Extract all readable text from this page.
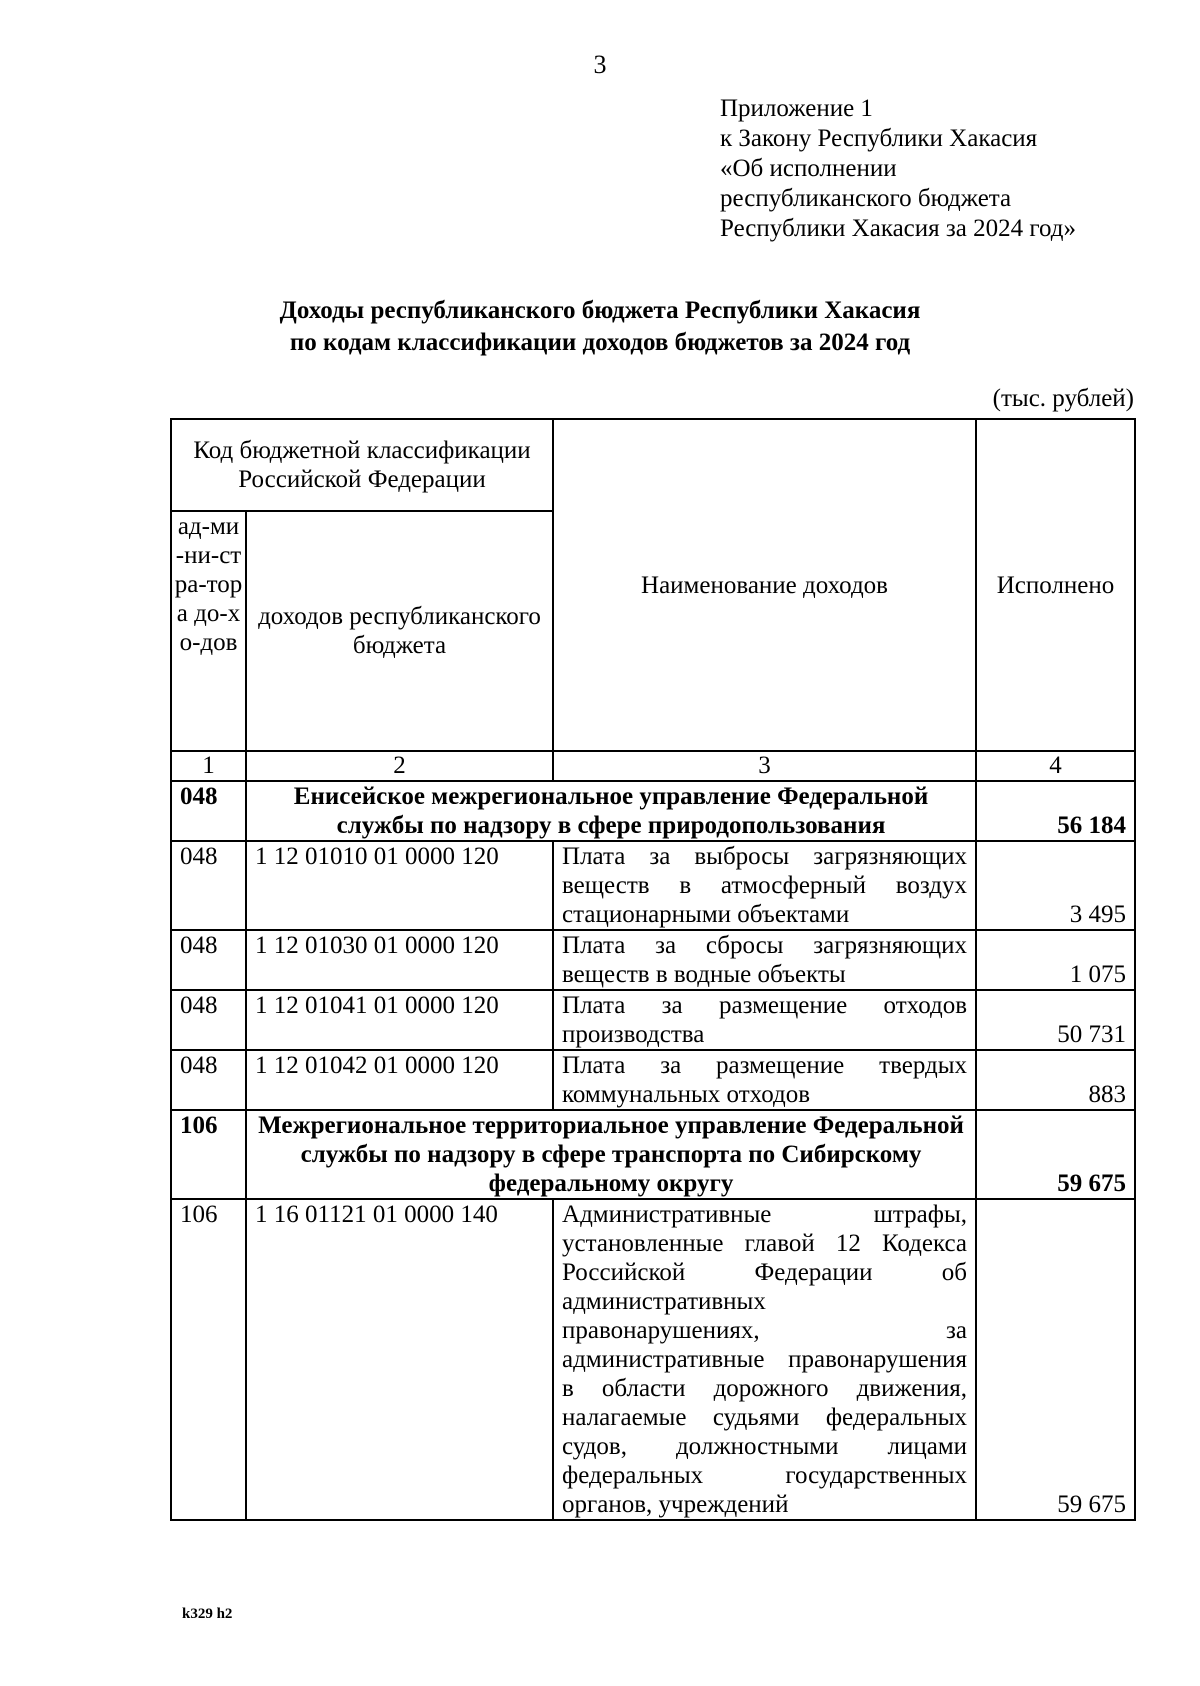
3
Приложение 1
к Закону Республики Хакасия
«Об исполнении
республиканского бюджета
Республики Хакасия за 2024 год»
Доходы республиканского бюджета Республики Хакасия
по кодам классификации доходов бюджетов за 2024 год
(тыс. рублей)
Код бюджетной классификации Российской Федерации		Наименование доходов	Исполнено
ад-ми-ни-стра-тора до-хо-дов	доходов республиканского бюджета		
1	2	3	4
048	Енисейское межрегиональное управление Федеральной службы по надзору в сфере природопользования		56 184
048	1 12 01010 01 0000 120	Плата за выбросы загрязняющих веществ в атмосферный воздух стационарными объектами	3 495
048	1 12 01030 01 0000 120	Плата за сбросы загрязняющих веществ в водные объекты	1 075
048	1 12 01041 01 0000 120	Плата за размещение отходов производства	50 731
048	1 12 01042 01 0000 120	Плата за размещение твердых коммунальных отходов	883
106	Межрегиональное территориальное управление Федеральной службы по надзору в сфере транспорта по Сибирскому федеральному округу		59 675
106	1 16 01121 01 0000 140	Административные штрафы, установленные главой 12 Кодекса Российской Федерации об административных правонарушениях, за административные правонарушения в области дорожного движения, налагаемые судьями федеральных судов, должностными лицами федеральных государственных органов, учреждений	59 675
k329 h2
